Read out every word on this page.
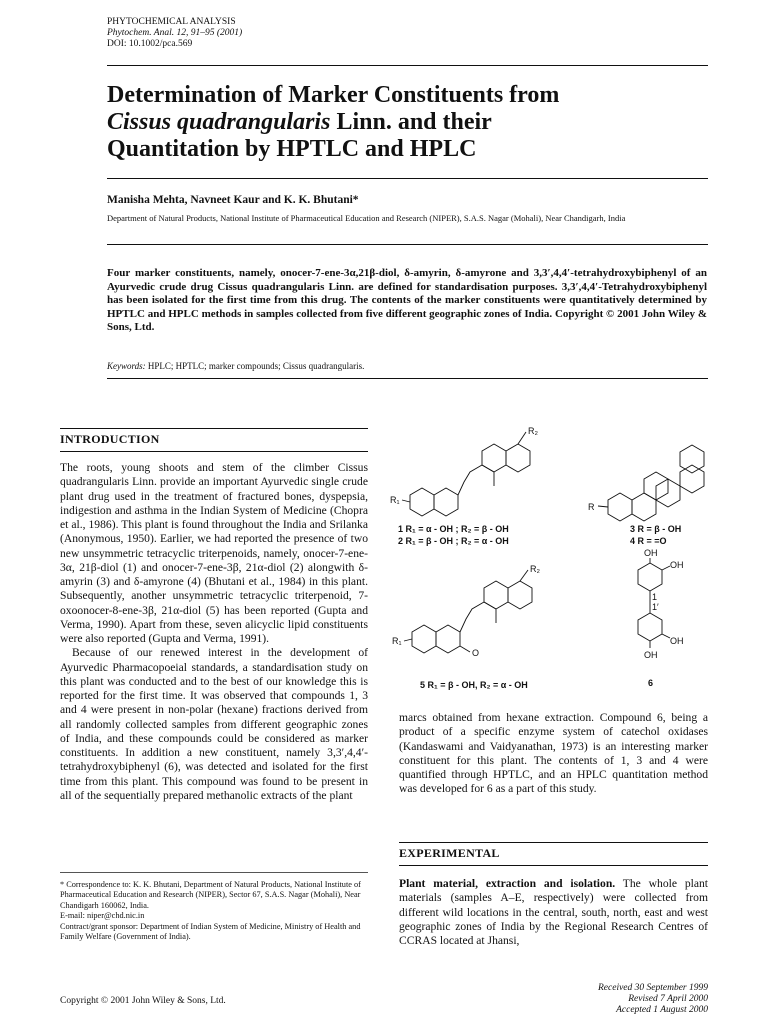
PHYTOCHEMICAL ANALYSIS
Phytochem. Anal. 12, 91–95 (2001)
DOI: 10.1002/pca.569
Determination of Marker Constituents from
Cissus quadrangularis Linn. and their
Quantitation by HPTLC and HPLC
Manisha Mehta, Navneet Kaur and K. K. Bhutani*
Department of Natural Products, National Institute of Pharmaceutical Education and Research (NIPER), S.A.S. Nagar (Mohali), Near Chandigarh, India
Four marker constituents, namely, onocer-7-ene-3α,21β-diol, δ-amyrin, δ-amyrone and 3,3′,4,4′-tetrahydroxybiphenyl of an Ayurvedic crude drug Cissus quadrangularis Linn. are defined for standardisation purposes. 3,3′,4,4′-Tetrahydroxybiphenyl has been isolated for the first time from this drug. The contents of the marker constituents were quantitatively determined by HPTLC and HPLC methods in samples collected from five different geographic zones of India. Copyright © 2001 John Wiley & Sons, Ltd.
Keywords: HPLC; HPTLC; marker compounds; Cissus quadrangularis.
INTRODUCTION

The roots, young shoots and stem of the climber Cissus quadrangularis Linn. provide an important Ayurvedic single crude plant drug used in the treatment of fractured bones, dyspepsia, indigestion and asthma in the Indian System of Medicine (Chopra et al., 1986). This plant is found throughout the India and Srilanka (Anonymous, 1950). Earlier, we had reported the presence of two new unsymmetric tetracyclic triterpenoids, namely, onocer-7-ene-3α, 21β-diol (1) and onocer-7-ene-3β, 21α-diol (2) alongwith δ-amyrin (3) and δ-amyrone (4) (Bhutani et al., 1984) in this plant. Subsequently, another unsymmetric tetracyclic triterpenoid, 7-oxoonocer-8-ene-3β, 21α-diol (5) has been reported (Gupta and Verma, 1990). Apart from these, seven alicyclic lipid constituents were also reported (Gupta and Verma, 1991).

Because of our renewed interest in the development of Ayurvedic Pharmacopoeial standards, a standardisation study on this plant was conducted and to the best of our knowledge this is reported for the first time. It was observed that compounds 1, 3 and 4 were present in non-polar (hexane) fractions derived from all randomly collected samples from different geographic zones of India, and these compounds could be considered as marker constituents. In addition a new constituent, namely 3,3′,4,4′-tetrahydroxybiphenyl (6), was detected and isolated for the first time from this plant. This compound was found to be present in all of the sequentially prepared methanolic extracts of the plant

R₁
R₂
1 R₁ = α - OH ; R₂ = β - OH
2 R₁ = β - OH ; R₂ = α - OH
R
3 R = β - OH
4 R = =O
R₁
R₂
O
5 R₁ = β - OH, R₂ = α - OH
OH
OH
1
1′
OH
OH
6

marcs obtained from hexane extraction. Compound 6, being a product of a specific enzyme system of catechol oxidases (Kandaswami and Vaidyanathan, 1973) is an interesting marker constituent for this plant. The contents of 1, 3 and 4 were quantified through HPTLC, and an HPLC quantitation method was developed for 6 as a part of this study.

EXPERIMENTAL
Plant material, extraction and isolation. The whole plant materials (samples A–E, respectively) were collected from different wild locations in the central, south, north, east and west geographic zones of India by the Regional Research Centres of CCRAS located at Jhansi,

* Correspondence to: K. K. Bhutani, Department of Natural Products, National Institute of Pharmaceutical Education and Research (NIPER), Sector 67, S.A.S. Nagar (Mohali), Near Chandigarh 160062, India.

E-mail: niper@chd.nic.in

Contract/grant sponsor: Department of Indian System of Medicine, Ministry of Health and Family Welfare (Government of India).

Copyright © 2001 John Wiley & Sons, Ltd.
Received 30 September 1999
Revised 7 April 2000
Accepted 1 August 2000
